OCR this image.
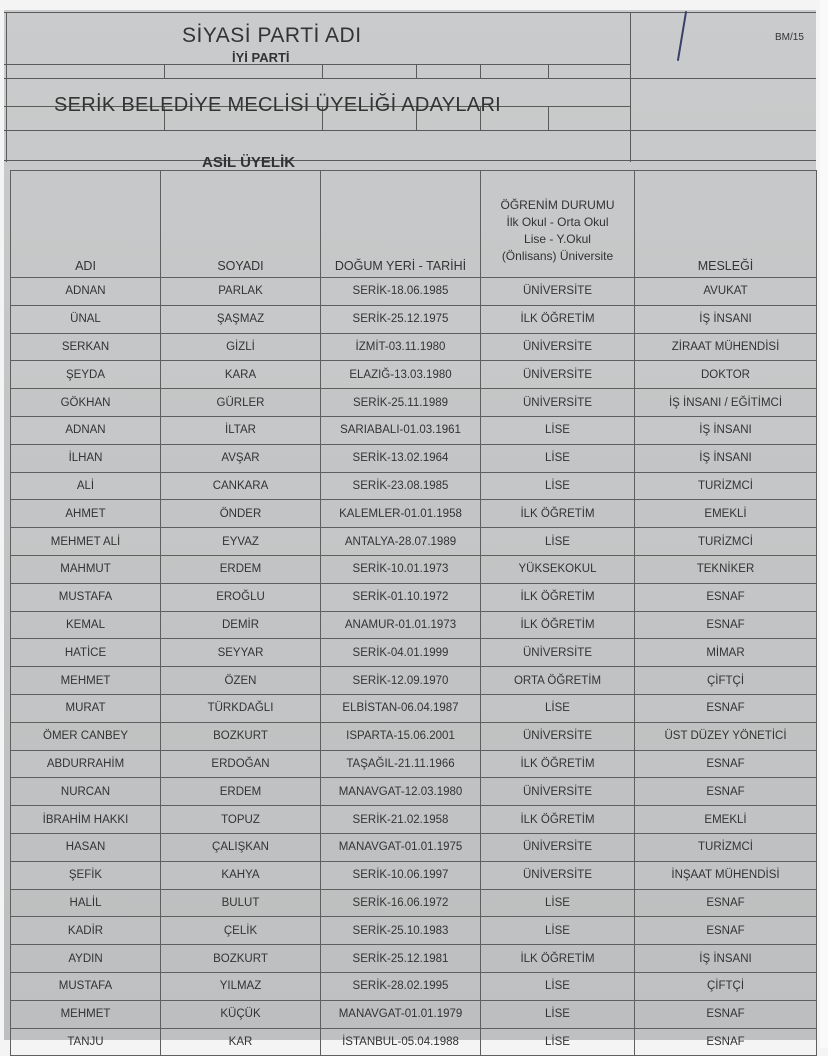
SİYASİ PARTİ ADI
İYİ PARTİ
BM/15
SERİK BELEDİYE MECLİSİ ÜYELİĞİ ADAYLARI
ASİL ÜYELİK
ADI	SOYADI	DOĞUM YERİ - TARİHİ	ÖĞRENİM DURUMU
İlk Okul - Orta Okul
Lise - Y.Okul
(Önlisans) Üniversite	MESLEĞİ
ADNAN	PARLAK	SERİK-18.06.1985	ÜNİVERSİTE	AVUKAT
ÜNAL	ŞAŞMAZ	SERİK-25.12.1975	İLK ÖĞRETİM	İŞ İNSANI
SERKAN	GİZLİ	İZMİT-03.11.1980	ÜNİVERSİTE	ZİRAAT MÜHENDİSİ
ŞEYDA	KARA	ELAZIĞ-13.03.1980	ÜNİVERSİTE	DOKTOR
GÖKHAN	GÜRLER	SERİK-25.11.1989	ÜNİVERSİTE	İŞ İNSANI / EĞİTİMCİ
ADNAN	İLTAR	SARIABALI-01.03.1961	LİSE	İŞ İNSANI
İLHAN	AVŞAR	SERİK-13.02.1964	LİSE	İŞ İNSANI
ALİ	CANKARA	SERİK-23.08.1985	LİSE	TURİZMCİ
AHMET	ÖNDER	KALEMLER-01.01.1958	İLK ÖĞRETİM	EMEKLİ
MEHMET ALİ	EYVAZ	ANTALYA-28.07.1989	LİSE	TURİZMCİ
MAHMUT	ERDEM	SERİK-10.01.1973	YÜKSEKOKUL	TEKNİKER
MUSTAFA	EROĞLU	SERİK-01.10.1972	İLK ÖĞRETİM	ESNAF
KEMAL	DEMİR	ANAMUR-01.01.1973	İLK ÖĞRETİM	ESNAF
HATİCE	SEYYAR	SERİK-04.01.1999	ÜNİVERSİTE	MİMAR
MEHMET	ÖZEN	SERİK-12.09.1970	ORTA ÖĞRETİM	ÇİFTÇİ
MURAT	TÜRKDAĞLI	ELBİSTAN-06.04.1987	LİSE	ESNAF
ÖMER CANBEY	BOZKURT	ISPARTA-15.06.2001	ÜNİVERSİTE	ÜST DÜZEY YÖNETİCİ
ABDURRAHİM	ERDOĞAN	TAŞAĞIL-21.11.1966	İLK ÖĞRETİM	ESNAF
NURCAN	ERDEM	MANAVGAT-12.03.1980	ÜNİVERSİTE	ESNAF
İBRAHİM HAKKI	TOPUZ	SERİK-21.02.1958	İLK ÖĞRETİM	EMEKLİ
HASAN	ÇALIŞKAN	MANAVGAT-01.01.1975	ÜNİVERSİTE	TURİZMCİ
ŞEFİK	KAHYA	SERİK-10.06.1997	ÜNİVERSİTE	İNŞAAT MÜHENDİSİ
HALİL	BULUT	SERİK-16.06.1972	LİSE	ESNAF
KADİR	ÇELİK	SERİK-25.10.1983	LİSE	ESNAF
AYDIN	BOZKURT	SERİK-25.12.1981	İLK ÖĞRETİM	İŞ İNSANI
MUSTAFA	YILMAZ	SERİK-28.02.1995	LİSE	ÇİFTÇİ
MEHMET	KÜÇÜK	MANAVGAT-01.01.1979	LİSE	ESNAF
TANJU	KAR	İSTANBUL-05.04.1988	LİSE	ESNAF
